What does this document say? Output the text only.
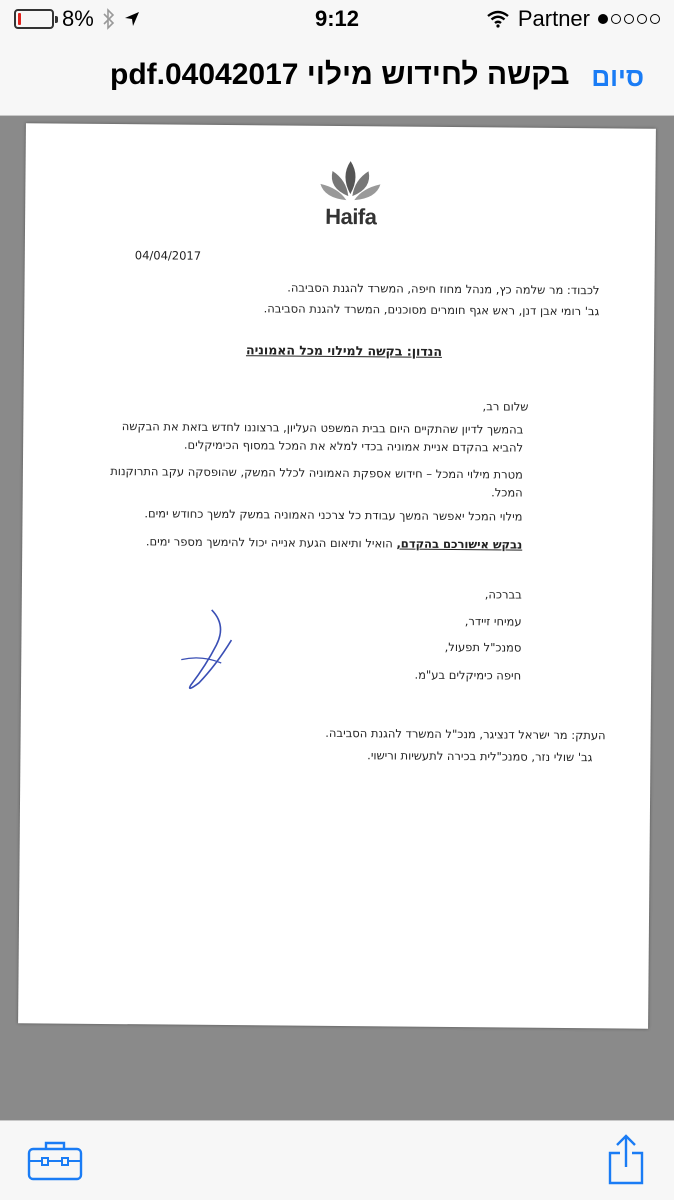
8%	9:12	Partner
pdf.04042017 בקשה לחידוש מילוי סיום
Haifa
04/04/2017
לכבוד: מר שלמה כץ, מנהל מחוז חיפה, המשרד להגנת הסביבה.
גב' רומי אבן דנן, ראש אגף חומרים מסוכנים, המשרד להגנת הסביבה.
הנדון: בקשה למילוי מכל האמוניה
שלום רב,
בהמשך לדיון שהתקיים היום בבית המשפט העליון, ברצוננו לחדש בזאת את הבקשה
להביא בהקדם אניית אמוניה בכדי למלא את המכל במסוף הכימיקלים.
מטרת מילוי המכל – חידוש אספקת האמוניה לכלל המשק, שהופסקה עקב התרוקנות
המכל.
מילוי המכל יאפשר המשך עבודת כל צרכני האמוניה במשק למשך כחודש ימים.
נבקש אישורכם בהקדם, הואיל ותיאום הגעת אנייה יכול להימשך מספר ימים.
בברכה,
עמיחי זיידר,
סמנכ"ל תפעול,
חיפה כימיקלים בע"מ.
העתק: מר ישראל דנציגר, מנכ"ל המשרד להגנת הסביבה.
גב' שולי נזר, סמנכ"לית בכירה לתעשיות ורישוי.
